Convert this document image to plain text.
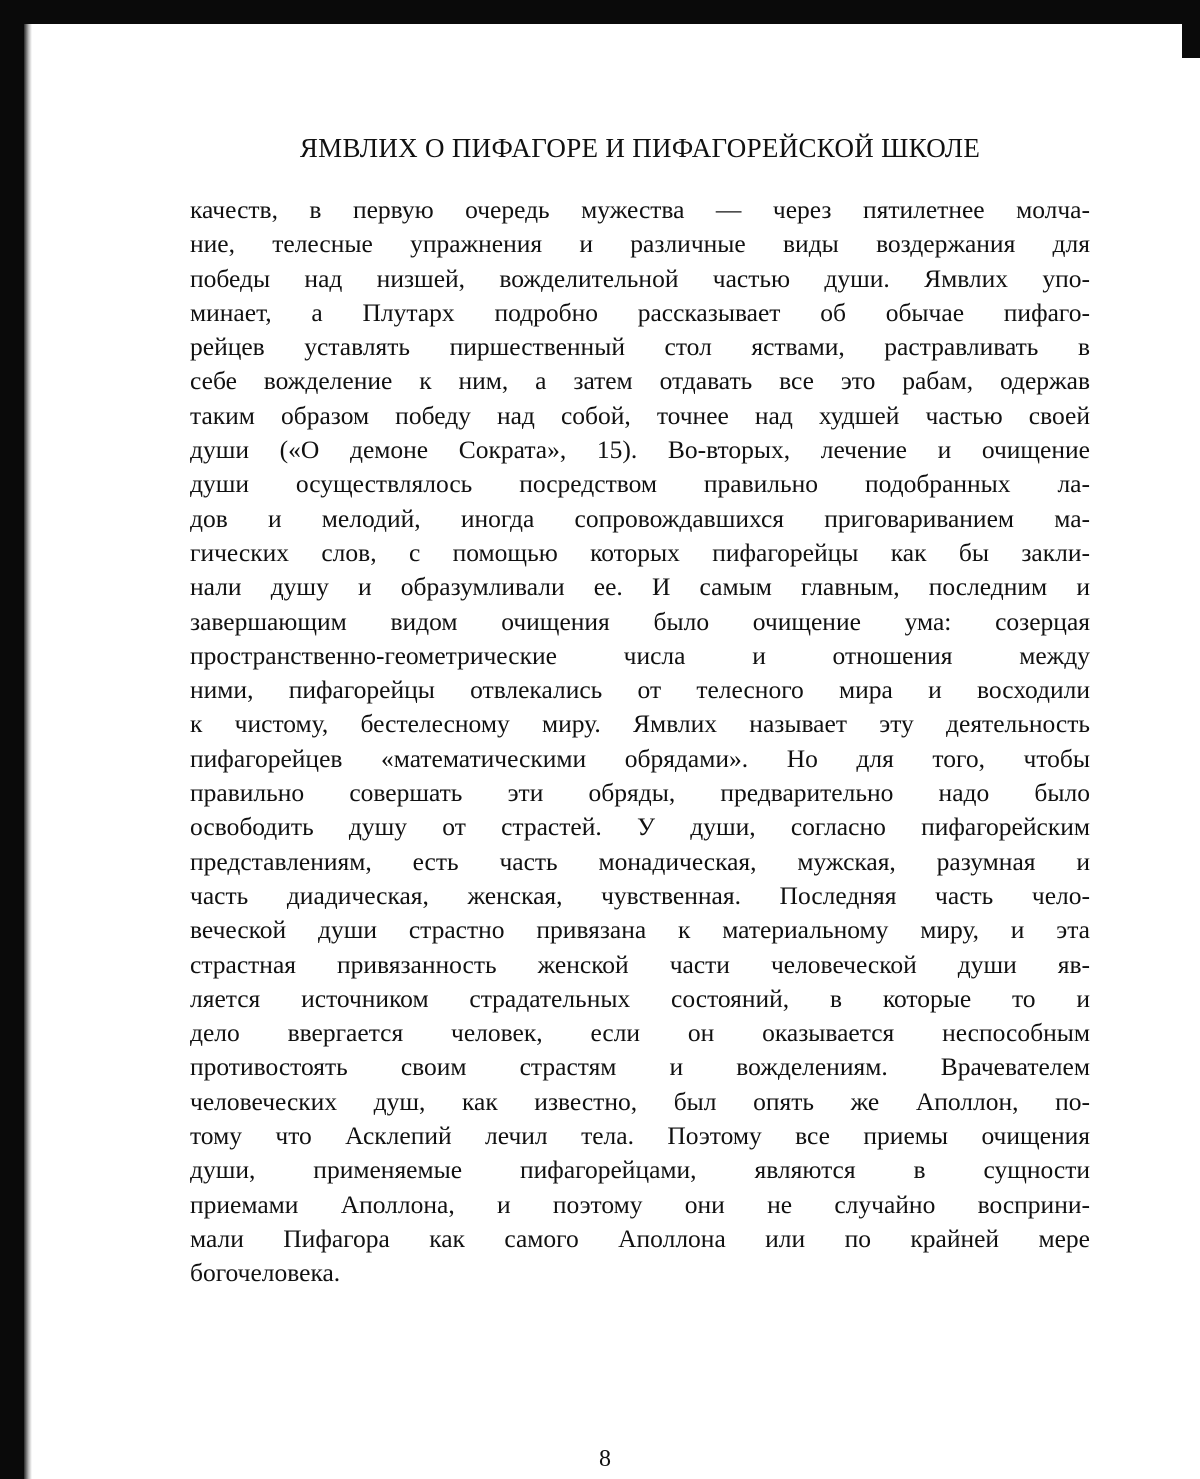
ЯМВЛИХ О ПИФАГОРЕ И ПИФАГОРЕЙСКОЙ ШКОЛЕ
качеств, в первую очередь мужества — через пятилетнее молча-
ние, телесные упражнения и различные виды воздержания для
победы над низшей, вожделительной частью души. Ямвлих упо-
минает, а Плутарх подробно рассказывает об обычае пифаго-
рейцев уставлять пиршественный стол яствами, растравливать в
себе вожделение к ним, а затем отдавать все это рабам, одержав
таким образом победу над собой, точнее над худшей частью своей
души («О демоне Сократа», 15). Во-вторых, лечение и очищение
души осуществлялось посредством правильно подобранных ла-
дов и мелодий, иногда сопровождавшихся приговариванием ма-
гических слов, с помощью которых пифагорейцы как бы закли-
нали душу и образумливали ее. И самым главным, последним и
завершающим видом очищения было очищение ума: созерцая
пространственно-геометрические числа и отношения между
ними, пифагорейцы отвлекались от телесного мира и восходили
к чистому, бестелесному миру. Ямвлих называет эту деятельность
пифагорейцев «математическими обрядами». Но для того, чтобы
правильно совершать эти обряды, предварительно надо было
освободить душу от страстей. У души, согласно пифагорейским
представлениям, есть часть монадическая, мужская, разумная и
часть диадическая, женская, чувственная. Последняя часть чело-
веческой души страстно привязана к материальному миру, и эта
страстная привязанность женской части человеческой души яв-
ляется источником страдательных состояний, в которые то и
дело ввергается человек, если он оказывается неспособным
противостоять своим страстям и вожделениям. Врачевателем
человеческих душ, как известно, был опять же Аполлон, по-
тому что Асклепий лечил тела. Поэтому все приемы очищения
души, применяемые пифагорейцами, являются в сущности
приемами Аполлона, и поэтому они не случайно восприни-
мали Пифагора как самого Аполлона или по крайней мере
богочеловека.
8
